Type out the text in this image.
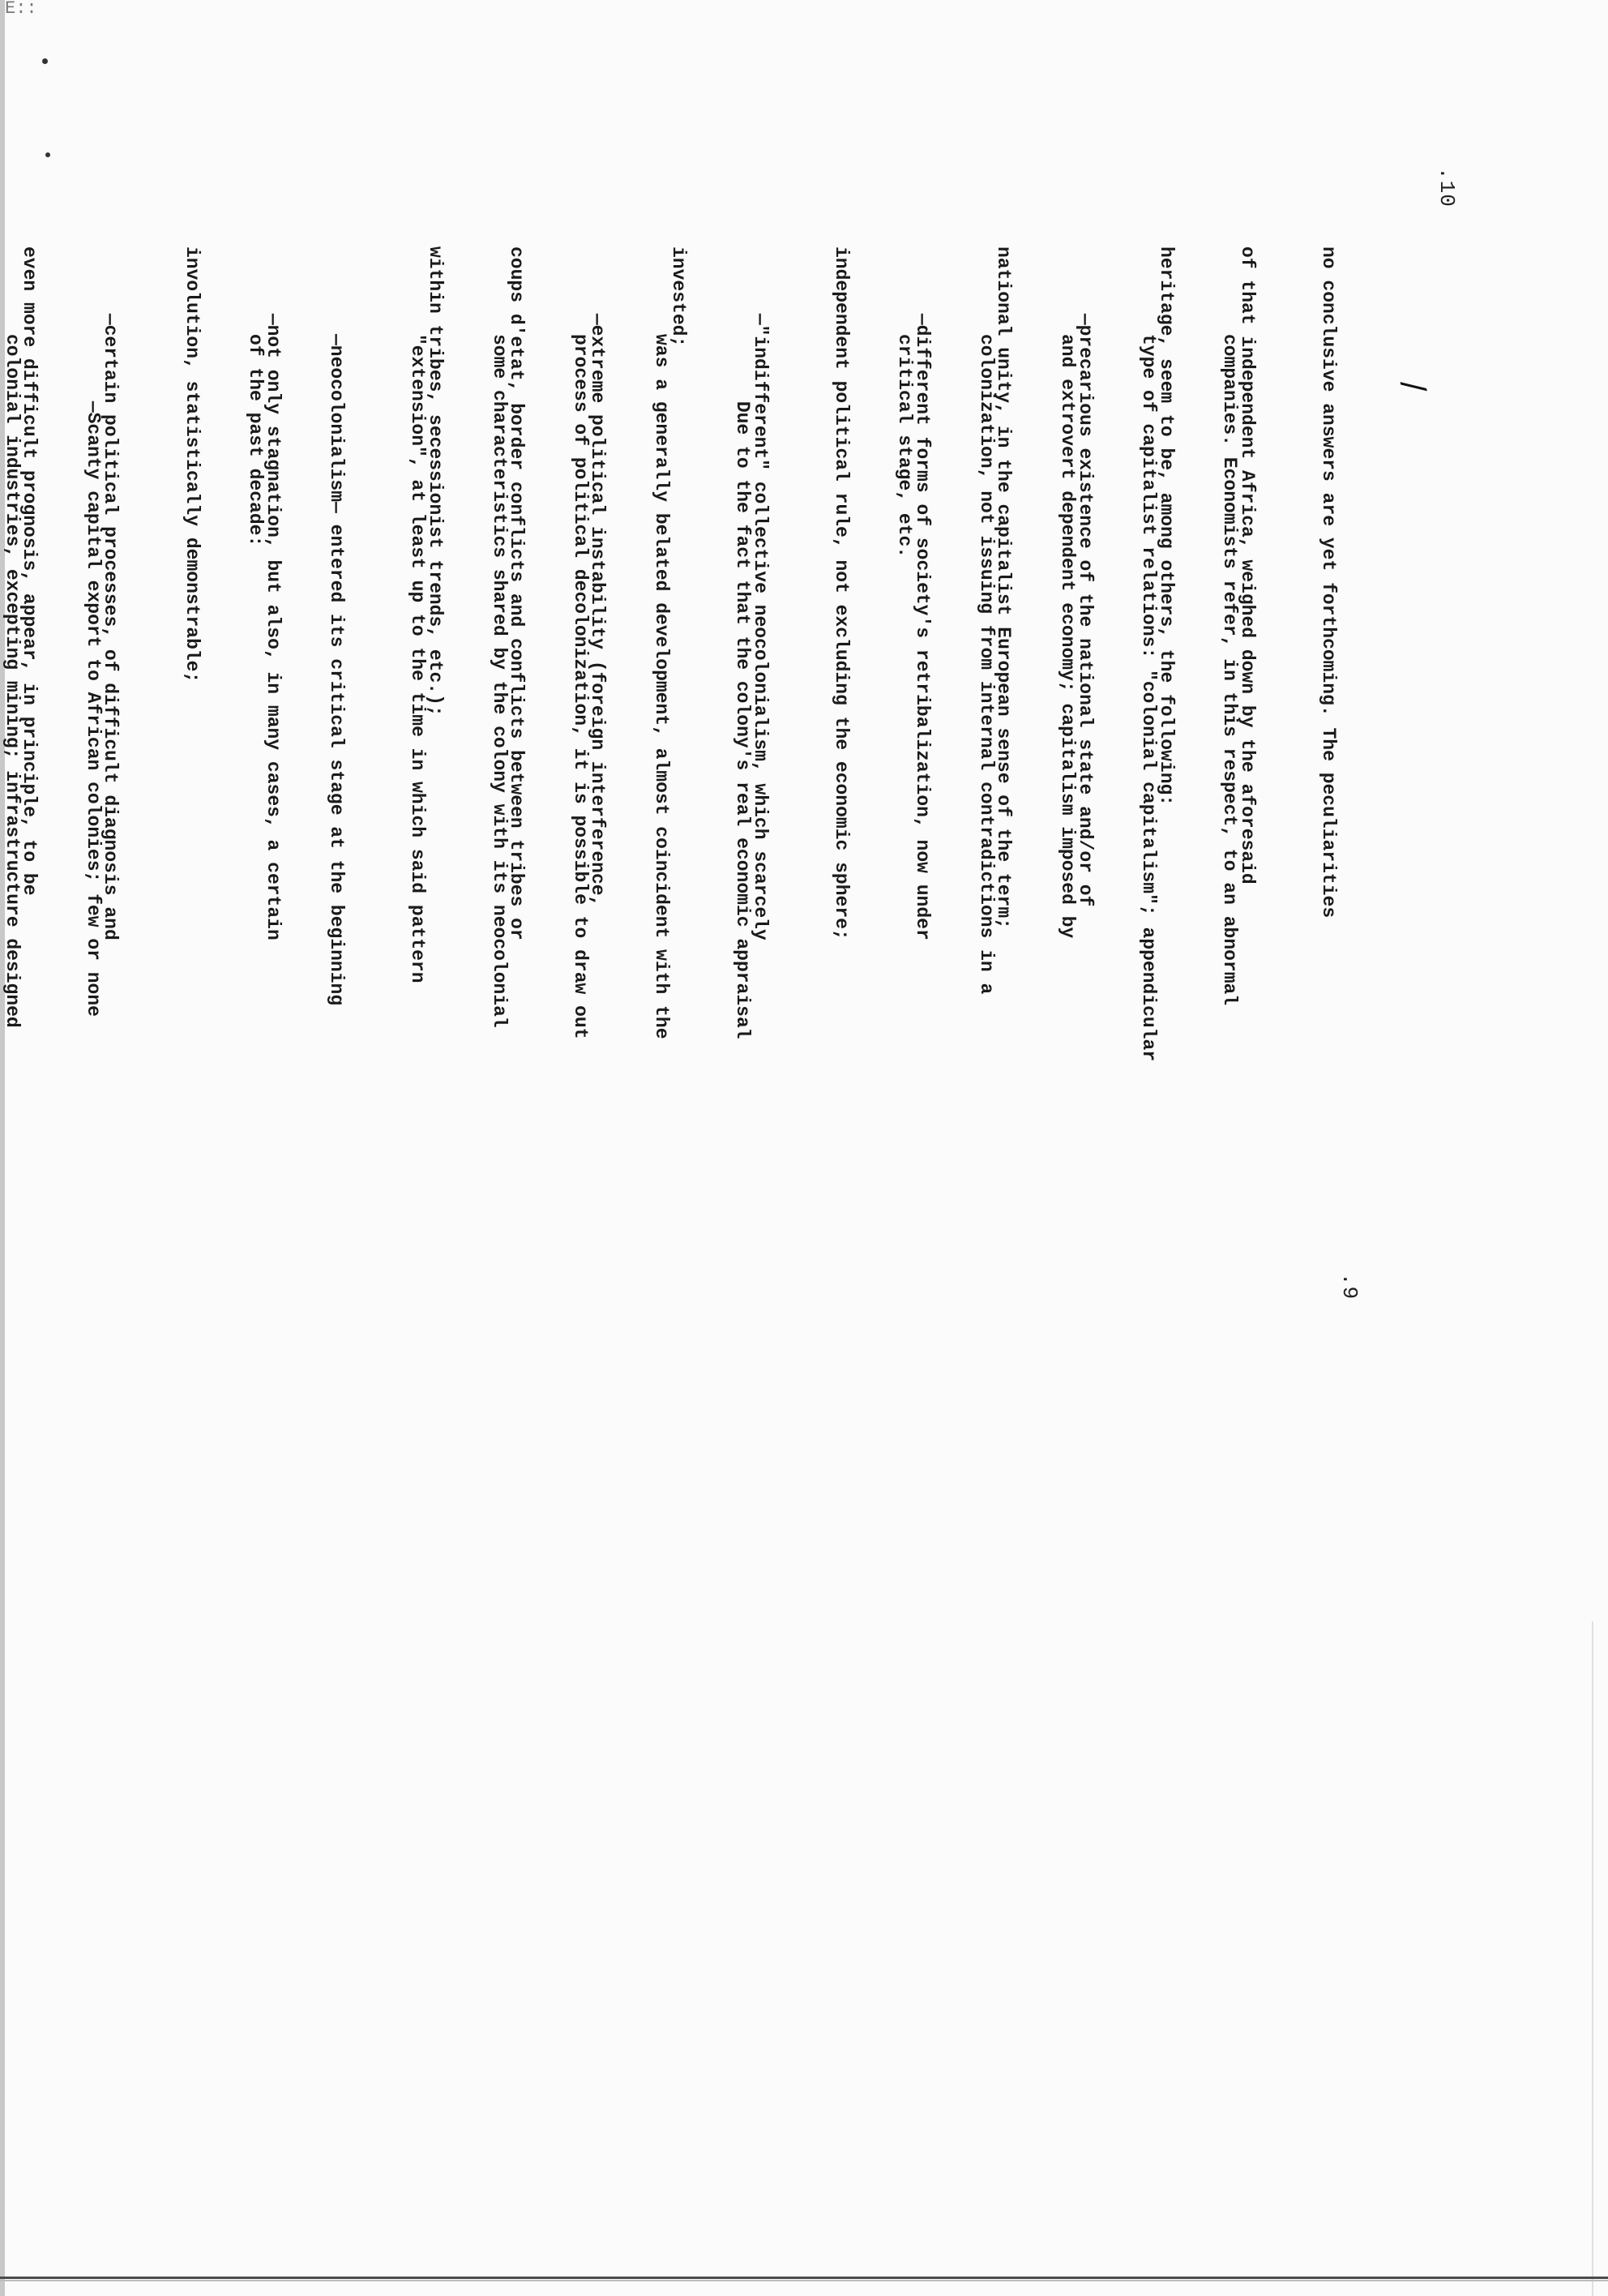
E::
.9

companies. Economists refer, in this respect, to an abnormal

type of capitalist relations: "colonial capitalism"; appendicular

and extrovert dependent economy; capitalism imposed by

colonization, not issuing from internal contradictions in a

critical stage, etc.

Due to the fact that the colony's real economic appraisal

was a generally belated development, almost coincident with the

process of political decolonization, it is possible to draw out

some characteristics shared by the colony with its neocolonial

"extension", at least up to the time in which said pattern

—neocolonialism— entered its critical stage at the beginning

of the past decade:

—Scanty capital export to African colonies; few or none

colonial industries, excepting mining; infrastructure designed

.10
/

no conclusive answers are yet forthcoming. The peculiarities

of that independent Africa, weighed down by the aforesaid

heritage, seem to be, among others, the following:

—precarious existence of the national state and/or of

national unity, in the capitalist European sense of the term;

—different forms of society's retribalization, now under

independent political rule, not excluding the economic sphere;

—"indifferent" collective neocolonialism, which scarcely

invested;

—extreme political instability (foreign interference,

coups d'etat, border conflicts and conflicts between tribes or

within tribes, secessionist trends, etc.);

—not only stagnation, but also, in many cases, a certain

involution, statistically demonstrable;

—certain political processes, of difficult diagnosis and

even more difficult prognosis, appear, in principle, to be
